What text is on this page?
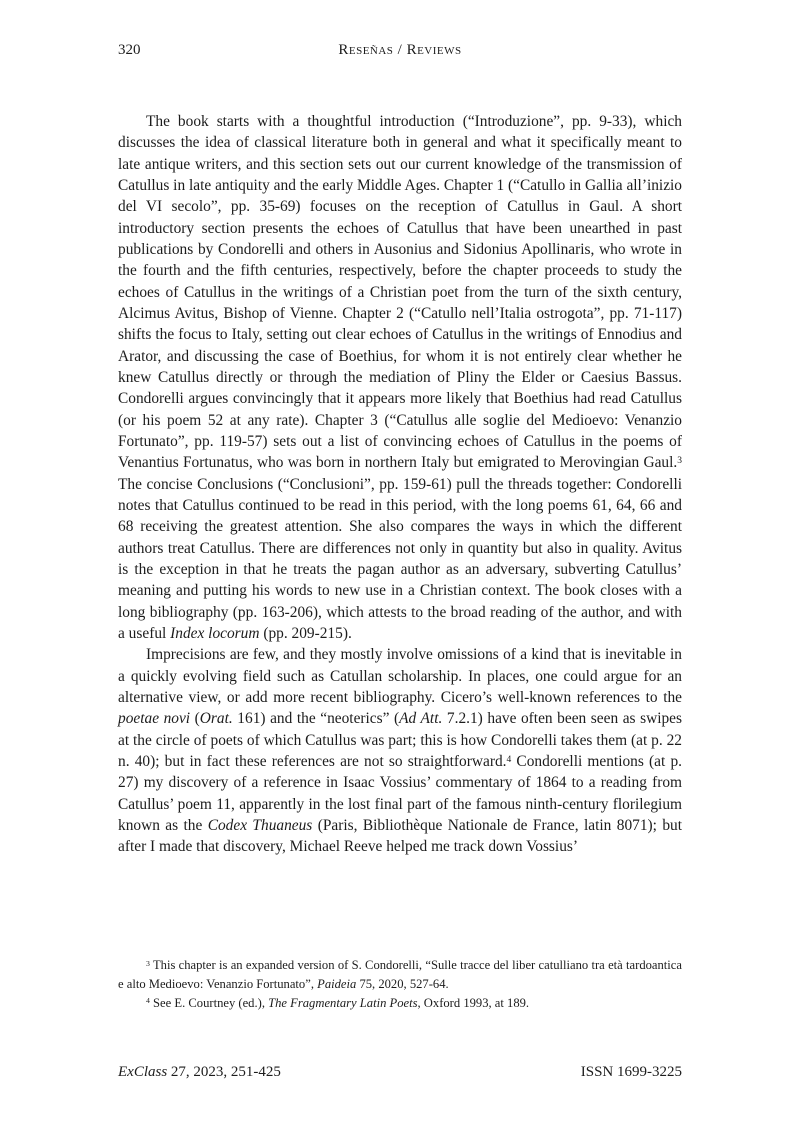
320	Reseñas / Reviews

The book starts with a thoughtful introduction (“Introduzione”, pp. 9-33), which discusses the idea of classical literature both in general and what it specifically meant to late antique writers, and this section sets out our current knowledge of the transmission of Catullus in late antiquity and the early Middle Ages. Chapter 1 (“Catullo in Gallia all’inizio del VI secolo”, pp. 35-69) focuses on the reception of Catullus in Gaul. A short introductory section presents the echoes of Catullus that have been unearthed in past publications by Condorelli and others in Ausonius and Sidonius Apollinaris, who wrote in the fourth and the fifth centuries, respectively, before the chapter proceeds to study the echoes of Catullus in the writings of a Christian poet from the turn of the sixth century, Alcimus Avitus, Bishop of Vienne. Chapter 2 (“Catullo nell’Italia ostrogota”, pp. 71-117) shifts the focus to Italy, setting out clear echoes of Catullus in the writings of Ennodius and Arator, and discussing the case of Boethius, for whom it is not entirely clear whether he knew Catullus directly or through the mediation of Pliny the Elder or Caesius Bassus. Condorelli argues convincingly that it appears more likely that Boethius had read Catullus (or his poem 52 at any rate). Chapter 3 (“Catullus alle soglie del Medioevo: Venanzio Fortunato”, pp. 119-57) sets out a list of convincing echoes of Catullus in the poems of Venantius Fortunatus, who was born in northern Italy but emigrated to Merovingian Gaul.$^3$ The concise Conclusions (“Conclusioni”, pp. 159-61) pull the threads together: Condorelli notes that Catullus continued to be read in this period, with the long poems 61, 64, 66 and 68 receiving the greatest attention. She also compares the ways in which the different authors treat Catullus. There are differences not only in quantity but also in quality. Avitus is the exception in that he treats the pagan author as an adversary, subverting Catullus’ meaning and putting his words to new use in a Christian context. The book closes with a long bibliography (pp. 163-206), which attests to the broad reading of the author, and with a useful Index locorum (pp. 209-215).

Imprecisions are few, and they mostly involve omissions of a kind that is inevitable in a quickly evolving field such as Catullan scholarship. In places, one could argue for an alternative view, or add more recent bibliography. Cicero’s well-known references to the poetae novi (Orat. 161) and the “neoterics” (Ad Att. 7.2.1) have often been seen as swipes at the circle of poets of which Catullus was part; this is how Condorelli takes them (at p. 22 n. 40); but in fact these references are not so straightforward.$^4$ Condorelli mentions (at p. 27) my discovery of a reference in Isaac Vossius’ commentary of 1864 to a reading from Catullus’ poem 11, apparently in the lost final part of the famous ninth-century florilegium known as the Codex Thuaneus (Paris, Bibliothèque Nationale de France, latin 8071); but after I made that discovery, Michael Reeve helped me track down Vossius’

$^3$ This chapter is an expanded version of S. Condorelli, “Sulle tracce del liber catulliano tra età tardoantica e alto Medioevo: Venanzio Fortunato”, Paideia 75, 2020, 527-64.

$^4$ See E. Courtney (ed.), The Fragmentary Latin Poets, Oxford 1993, at 189.

ExClass 27, 2023, 251-425	ISSN 1699-3225
